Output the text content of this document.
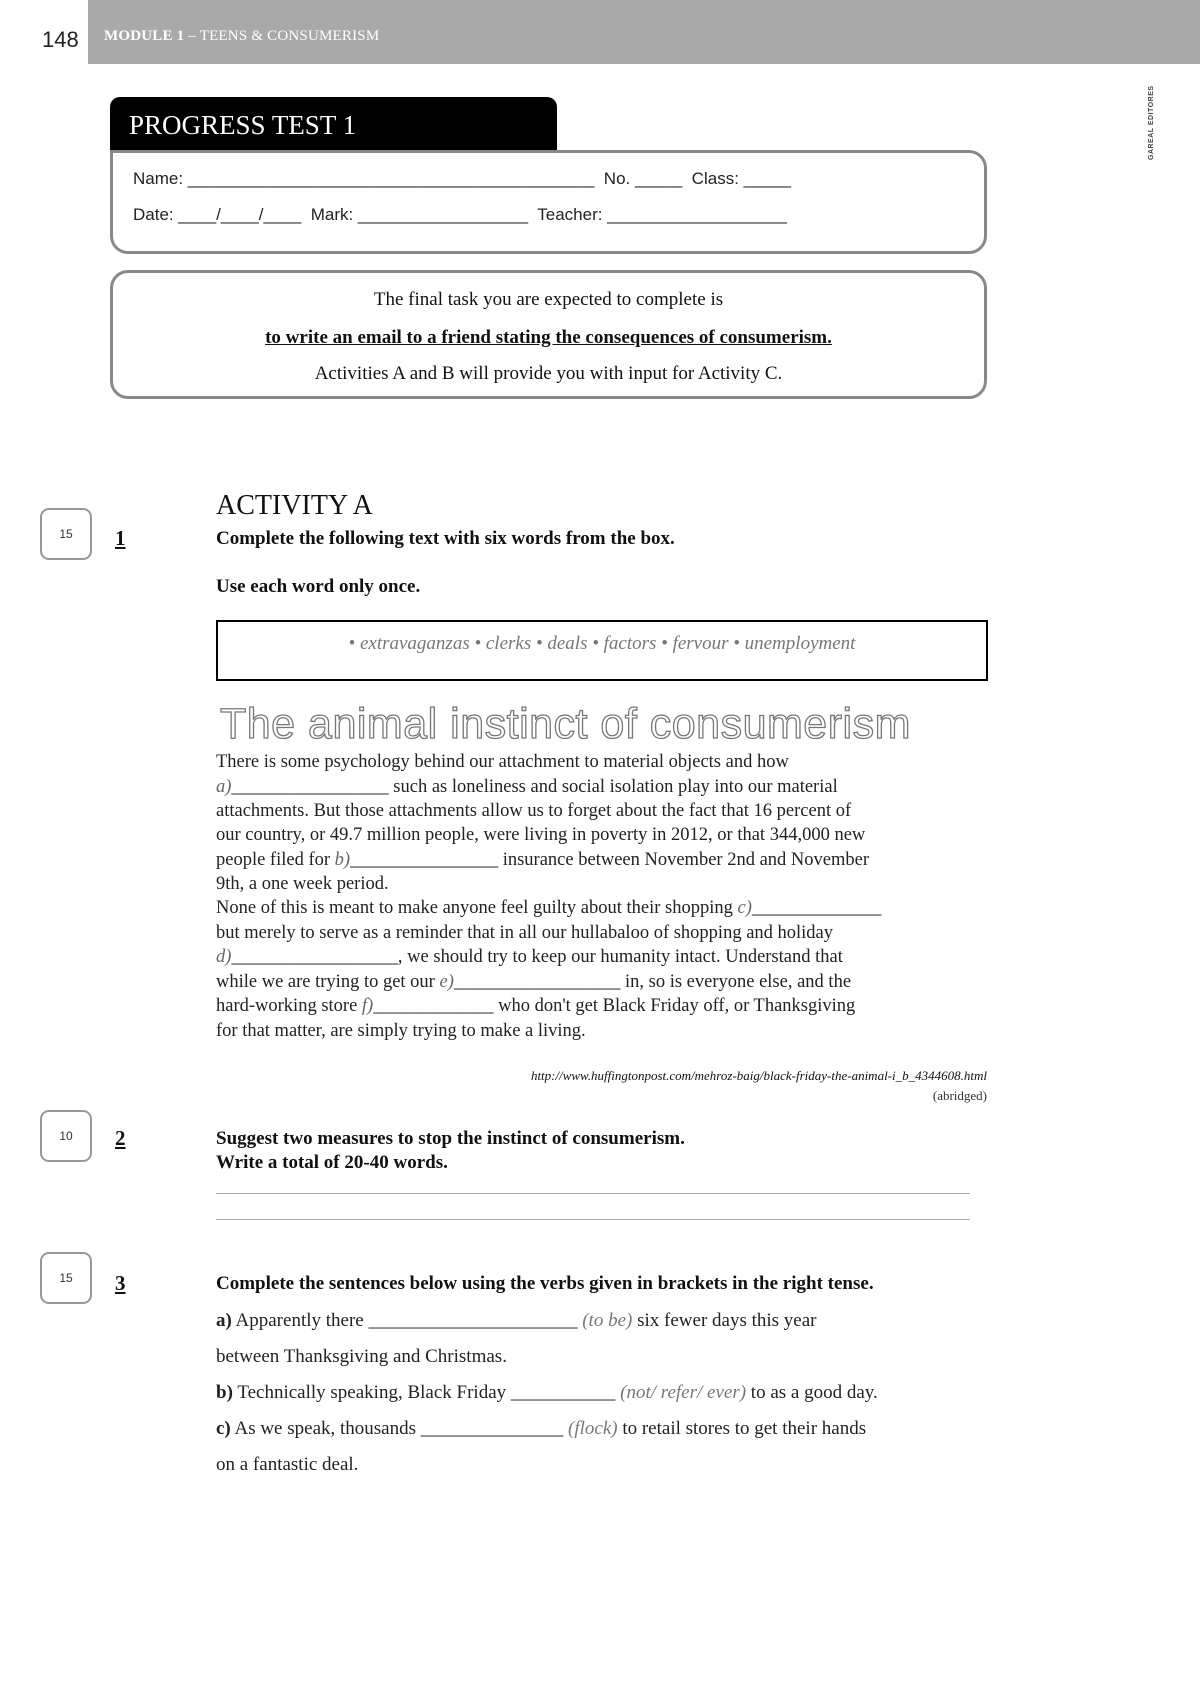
148 MODULE 1 – TEENS & CONSUMERISM
GAREAL EDITORES
PROGRESS TEST 1
Name: ___________________________________________  No. _____  Class: _____
Date: ____/____/____  Mark: __________________  Teacher: ___________________
The final task you are expected to complete is
to write an email to a friend stating the consequences of consumerism.
Activities A and B will provide you with input for Activity C.
ACTIVITY A
15	1	Complete the following text with six words from the box.
Use each word only once.
• extravaganzas • clerks • deals • factors • fervour • unemployment
The animal instinct of consumerism
There is some psychology behind our attachment to material objects and how
a)_________________ such as loneliness and social isolation play into our material
attachments. But those attachments allow us to forget about the fact that 16 percent of
our country, or 49.7 million people, were living in poverty in 2012, or that 344,000 new
people filed for b)________________ insurance between November 2nd and November
9th, a one week period.
None of this is meant to make anyone feel guilty about their shopping c)______________
but merely to serve as a reminder that in all our hullabaloo of shopping and holiday
d)__________________, we should try to keep our humanity intact. Understand that
while we are trying to get our e)__________________ in, so is everyone else, and the
hard-working store f)_____________ who don't get Black Friday off, or Thanksgiving
for that matter, are simply trying to make a living.
http://www.huffingtonpost.com/mehroz-baig/black-friday-the-animal-i_b_4344608.html
(abridged)
10	2	Suggest two measures to stop the instinct of consumerism.
Write a total of 20-40 words.
15	3	Complete the sentences below using the verbs given in brackets in the right tense.
a) Apparently there ______________________ (to be) six fewer days this year
between Thanksgiving and Christmas.
b) Technically speaking, Black Friday ___________ (not/ refer/ ever) to as a good day.
c) As we speak, thousands _______________ (flock) to retail stores to get their hands
on a fantastic deal.
